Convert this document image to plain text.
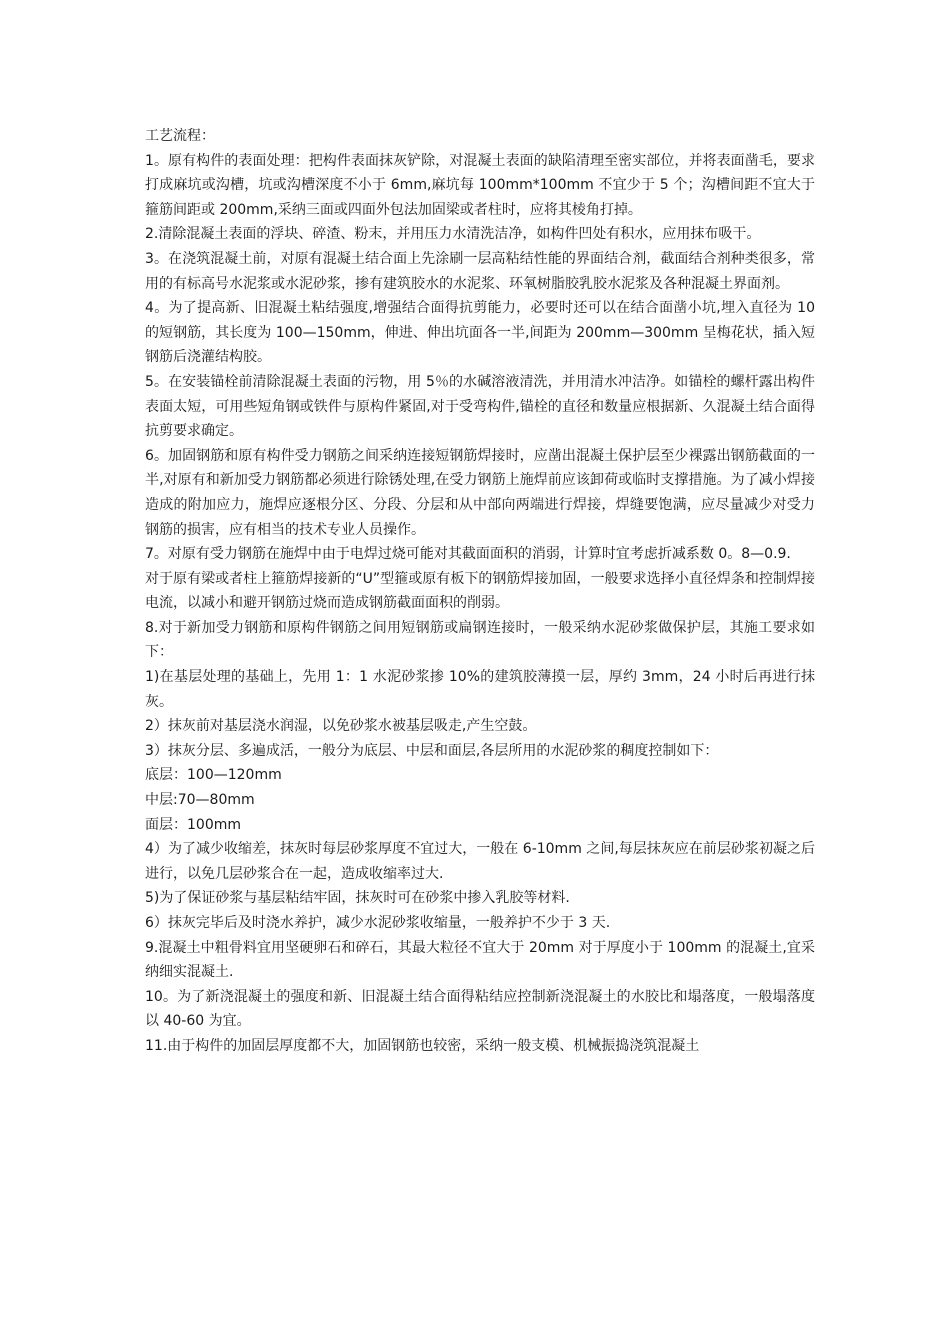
工艺流程：

1。原有构件的表面处理：把构件表面抹灰铲除，对混凝土表面的缺陷清理至密实部位，并将表面凿毛，要求打成麻坑或沟槽，坑或沟槽深度不小于 6mm,麻坑每 100mm*100mm 不宜少于 5 个；沟槽间距不宜大于箍筋间距或 200mm,采纳三面或四面外包法加固梁或者柱时，应将其棱角打掉。

2.清除混凝土表面的浮块、碎渣、粉末，并用压力水清洗洁净，如构件凹处有积水，应用抹布吸干。

3。在浇筑混凝土前，对原有混凝土结合面上先涂刷一层高粘结性能的界面结合剂，截面结合剂种类很多，常用的有标高号水泥浆或水泥砂浆，掺有建筑胶水的水泥浆、环氧树脂胶乳胶水泥浆及各种混凝土界面剂。

4。为了提高新、旧混凝土粘结强度,增强结合面得抗剪能力，必要时还可以在结合面凿小坑,埋入直径为 10 的短钢筋，其长度为 100—150mm，伸进、伸出坑面各一半,间距为 200mm—300mm 呈梅花状，插入短钢筋后浇灌结构胶。

5。在安装锚栓前清除混凝土表面的污物，用 5％的水碱溶液清洗，并用清水冲洁净。如锚栓的螺杆露出构件表面太短，可用些短角钢或铁件与原构件紧固,对于受弯构件,锚栓的直径和数量应根据新、久混凝土结合面得抗剪要求确定。

6。加固钢筋和原有构件受力钢筋之间采纳连接短钢筋焊接时，应凿出混凝土保护层至少裸露出钢筋截面的一半,对原有和新加受力钢筋都必须进行除锈处理,在受力钢筋上施焊前应该卸荷或临时支撑措施。为了减小焊接造成的附加应力，施焊应逐根分区、分段、分层和从中部向两端进行焊接，焊缝要饱满，应尽量减少对受力钢筋的损害，应有相当的技术专业人员操作。

7。对原有受力钢筋在施焊中由于电焊过烧可能对其截面面积的消弱，计算时宜考虑折减系数 0。8—0.9.

对于原有梁或者柱上箍筋焊接新的“U”型箍或原有板下的钢筋焊接加固，一般要求选择小直径焊条和控制焊接电流，以减小和避开钢筋过烧而造成钢筋截面面积的削弱。

8.对于新加受力钢筋和原构件钢筋之间用短钢筋或扁钢连接时，一般采纳水泥砂浆做保护层，其施工要求如下：

1)在基层处理的基础上，先用 1：1 水泥砂浆掺 10%的建筑胶薄摸一层，厚约 3mm，24 小时后再进行抹灰。

2）抹灰前对基层浇水润湿，以免砂浆水被基层吸走,产生空鼓。

3）抹灰分层、多遍成活，一般分为底层、中层和面层,各层所用的水泥砂浆的稠度控制如下：

底层：100—120mm

中层:70—80mm

面层：100mm

4）为了减少收缩差，抹灰时每层砂浆厚度不宜过大，一般在 6-10mm 之间,每层抹灰应在前层砂浆初凝之后进行，以免几层砂浆合在一起，造成收缩率过大.

5)为了保证砂浆与基层粘结牢固，抹灰时可在砂浆中掺入乳胶等材料.

6）抹灰完毕后及时浇水养护，减少水泥砂浆收缩量，一般养护不少于 3 天.

9.混凝土中粗骨料宜用坚硬卵石和碎石，其最大粒径不宜大于 20mm 对于厚度小于 100mm 的混凝土,宜采纳细实混凝土.

10。为了新浇混凝土的强度和新、旧混凝土结合面得粘结应控制新浇混凝土的水胶比和塌落度，一般塌落度以 40-60 为宜。

11.由于构件的加固层厚度都不大，加固钢筋也较密，采纳一般支模、机械振捣浇筑混凝土
